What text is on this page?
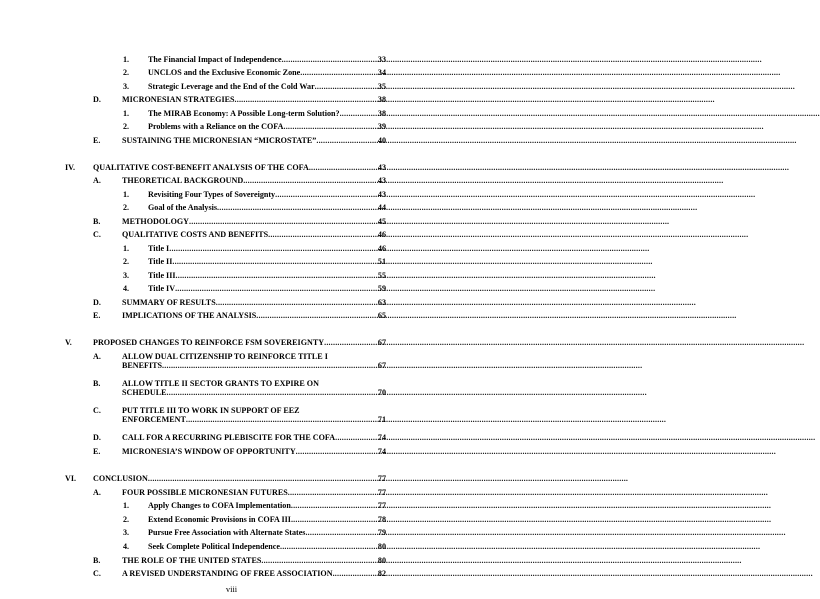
1. The Financial Impact of Independence .....	33
2. UNCLOS and the Exclusive Economic Zone .....	34
3. Strategic Leverage and the End of the Cold War .....	35
D.	MICRONESIAN STRATEGIES .....	38
1. The MIRAB Economy: A Possible Long-term Solution? .....	38
2. Problems with a Reliance on the COFA .....	39
E.	SUSTAINING THE MICRONESIAN “MICROSTATE” .....	40
IV. QUALITATIVE COST-BENEFIT ANALYSIS OF THE COFA .....	43
A.	THEORETICAL BACKGROUND .....	43
1. Revisiting Four Types of Sovereignty .....	43
2. Goal of the Analysis .....	44
B.	METHODOLOGY .....	45
C.	QUALITATIVE COSTS AND BENEFITS .....	46
1. Title I .....	46
2. Title II .....	51
3. Title III .....	55
4. Title IV .....	59
D.	SUMMARY OF RESULTS .....	63
E.	IMPLICATIONS OF THE ANALYSIS .....	65
V.	PROPOSED CHANGES TO REINFORCE FSM SOVEREIGNTY .....	67
A.	ALLOW DUAL CITIZENSHIP TO REINFORCE TITLE I
BENEFITS .....	67
B.	ALLOW TITLE II SECTOR GRANTS TO EXPIRE ON
SCHEDULE .....	70
C.	PUT TITLE III TO WORK IN SUPPORT OF EEZ
ENFORCEMENT .....	71
D.	CALL FOR A RECURRING PLEBISCITE FOR THE COFA .....	74
E.	MICRONESIA’S WINDOW OF OPPORTUNITY .....	74
VI. CONCLUSION .....	77
A.	FOUR POSSIBLE MICRONESIAN FUTURES .....	77
1. Apply Changes to COFA Implementation .....	77
2. Extend Economic Provisions in COFA III .....	78
3. Pursue Free Association with Alternate States .....	79
4. Seek Complete Political Independence .....	80
B.	THE ROLE OF THE UNITED STATES .....	80
C.	A REVISED UNDERSTANDING OF FREE ASSOCIATION .....	82
viii
